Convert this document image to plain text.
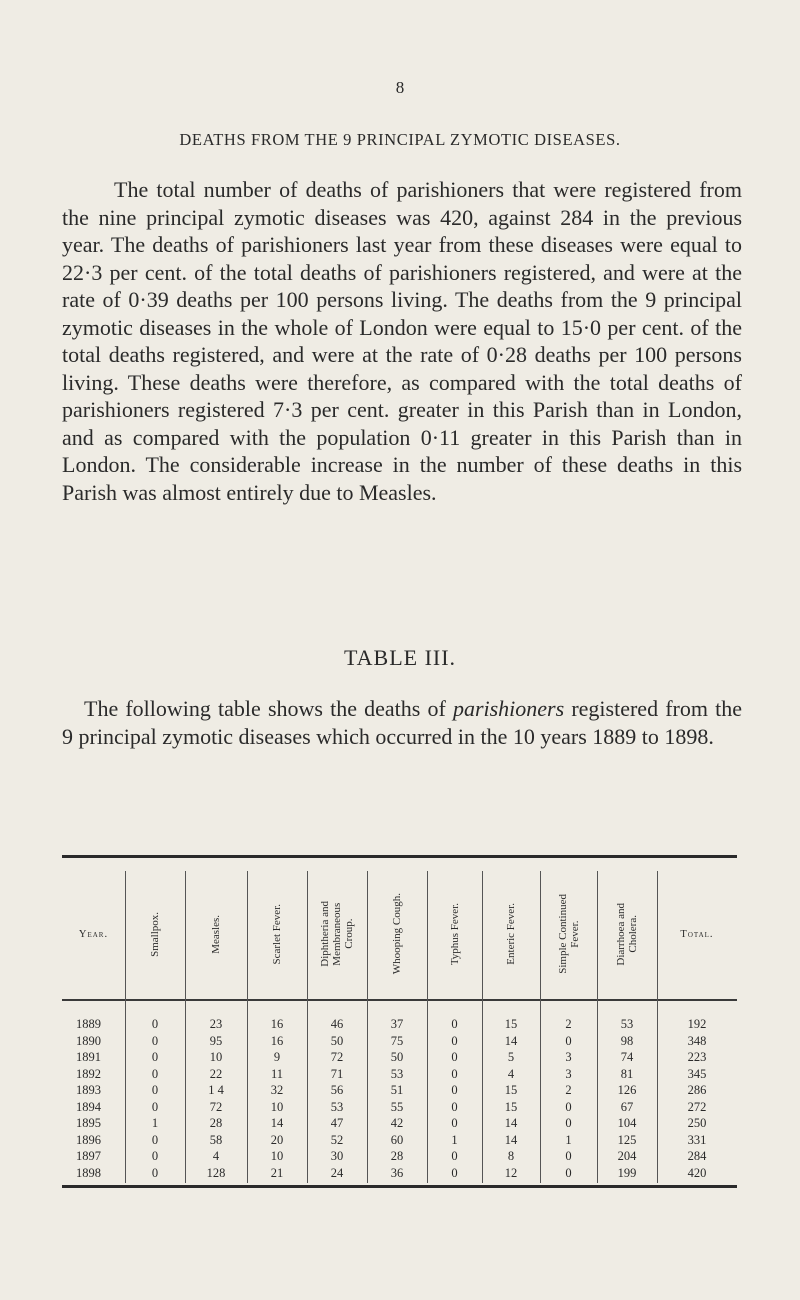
8
DEATHS FROM THE 9 PRINCIPAL ZYMOTIC DISEASES.

The total number of deaths of parishioners that were registered from the nine principal zymotic diseases was 420, against 284 in the previous year. The deaths of parishioners last year from these diseases were equal to 22·3 per cent. of the total deaths of parishioners registered, and were at the rate of 0·39 deaths per 100 persons living. The deaths from the 9 principal zymotic diseases in the whole of London were equal to 15·0 per cent. of the total deaths registered, and were at the rate of 0·28 deaths per 100 persons living. These deaths were therefore, as compared with the total deaths of parishioners registered 7·3 per cent. greater in this Parish than in London, and as compared with the population 0·11 greater in this Parish than in London. The considerable increase in the number of these deaths in this Parish was almost entirely due to Measles.

TABLE III.

The following table shows the deaths of parishioners registered from the 9 principal zymotic diseases which occurred in the 10 years 1889 to 1898.

Year.	Smallpox.	Measles.	Scarlet Fever.	Diphtheria and
Membraneous
Croup.	Whooping Cough.	Typhus Fever.	Enteric Fever.	Simple Continued
Fever.	Diarrhoea and
Cholera.	Total.
1889	0	23	16	46	37	0	15	2	53	192
1890	0	95	16	50	75	0	14	0	98	348
1891	0	10	9	72	50	0	5	3	74	223
1892	0	22	11	71	53	0	4	3	81	345
1893	0	1 4	32	56	51	0	15	2	126	286
1894	0	72	10	53	55	0	15	0	67	272
1895	1	28	14	47	42	0	14	0	104	250
1896	0	58	20	52	60	1	14	1	125	331
1897	0	4	10	30	28	0	8	0	204	284
1898	0	128	21	24	36	0	12	0	199	420
